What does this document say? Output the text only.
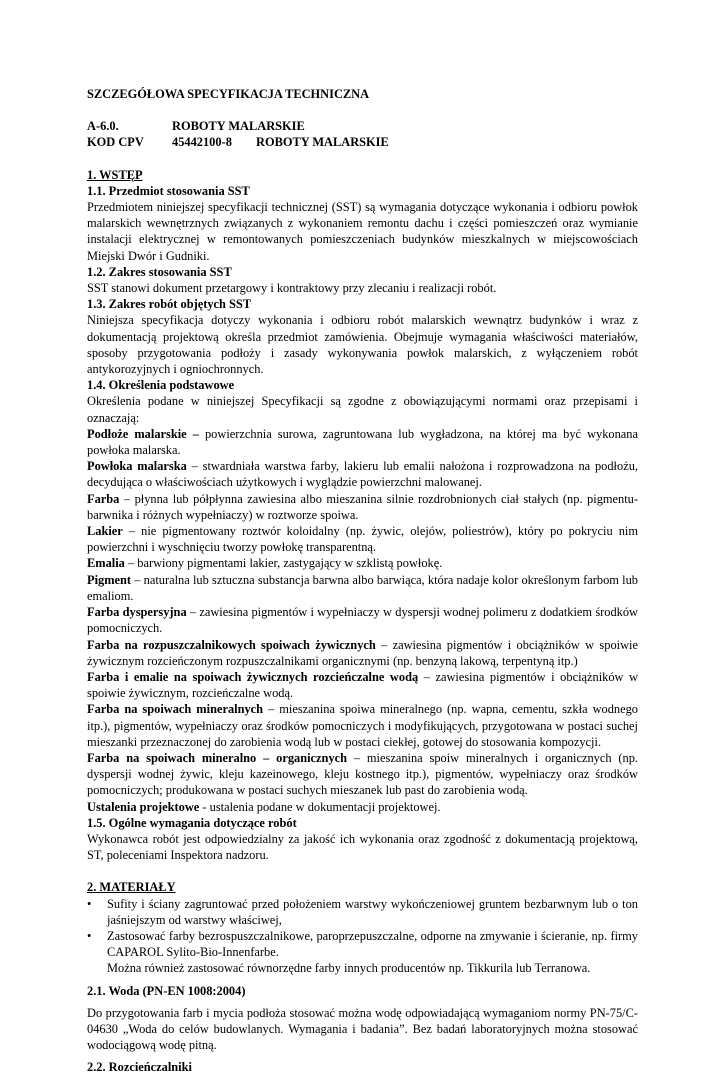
SZCZEGÓŁOWA SPECYFIKACJA TECHNICZNA

A-6.0.	ROBOTY MALARSKIE
KOD CPV	45442100-8	ROBOTY MALARSKIE

1. WSTĘP

1.1. Przedmiot stosowania SST

Przedmiotem niniejszej specyfikacji technicznej (SST) są wymagania dotyczące wykonania i odbioru powłok malarskich wewnętrznych związanych z wykonaniem remontu dachu i części pomieszczeń oraz wymianie instalacji elektrycznej w remontowanych pomieszczeniach budynków mieszkalnych w miejscowościach Miejski Dwór i Gudniki.

1.2. Zakres stosowania SST

SST stanowi dokument przetargowy i kontraktowy przy zlecaniu i realizacji robót.

1.3. Zakres robót objętych SST

Niniejsza specyfikacja dotyczy wykonania i odbioru robót malarskich wewnątrz budynków i wraz z dokumentacją projektową określa przedmiot zamówienia. Obejmuje wymagania właściwości materiałów, sposoby przygotowania podłoży i zasady wykonywania powłok malarskich, z wyłączeniem robót antykorozyjnych i ogniochronnych.

1.4. Określenia podstawowe

Określenia podane w niniejszej Specyfikacji są zgodne z obowiązującymi normami oraz przepisami i oznaczają:

Podłoże malarskie – powierzchnia surowa, zagruntowana lub wygładzona, na której ma być wykonana powłoka malarska.

Powłoka malarska – stwardniała warstwa farby, lakieru lub emalii nałożona i rozprowadzona na podłożu, decydująca o właściwościach użytkowych i wyglądzie powierzchni malowanej.

Farba – płynna lub półpłynna zawiesina albo mieszanina silnie rozdrobnionych ciał stałych (np. pigmentu-barwnika i różnych wypełniaczy) w roztworze spoiwa.

Lakier – nie pigmentowany roztwór koloidalny (np. żywic, olejów, poliestrów), który po pokryciu nim powierzchni i wyschnięciu tworzy powłokę transparentną.

Emalia – barwiony pigmentami lakier, zastygający w szklistą powłokę.

Pigment – naturalna lub sztuczna substancja barwna albo barwiąca, która nadaje kolor określonym farbom lub emaliom.

Farba dyspersyjna – zawiesina pigmentów i wypełniaczy w dyspersji wodnej polimeru z dodatkiem środków pomocniczych.

Farba na rozpuszczalnikowych spoiwach żywicznych – zawiesina pigmentów i obciążników w spoiwie żywicznym rozcieńczonym rozpuszczalnikami organicznymi (np. benzyną lakową, terpentyną itp.)

Farba i emalie na spoiwach żywicznych rozcieńczalne wodą – zawiesina pigmentów i obciążników w spoiwie żywicznym, rozcieńczalne wodą.

Farba na spoiwach mineralnych – mieszanina spoiwa mineralnego (np. wapna, cementu, szkła wodnego itp.), pigmentów, wypełniaczy oraz środków pomocniczych i modyfikujących, przygotowana w postaci suchej mieszanki przeznaczonej do zarobienia wodą lub w postaci ciekłej, gotowej do stosowania kompozycji.

Farba na spoiwach mineralno – organicznych – mieszanina spoiw mineralnych i organicznych (np. dyspersji wodnej żywic, kleju kazeinowego, kleju kostnego itp.), pigmentów, wypełniaczy oraz środków pomocniczych; produkowana w postaci suchych mieszanek lub past do zarobienia wodą.

Ustalenia projektowe - ustalenia podane w dokumentacji projektowej.

1.5. Ogólne wymagania dotyczące robót

Wykonawca robót jest odpowiedzialny za jakość ich wykonania oraz zgodność z dokumentacją projektową, ST, poleceniami Inspektora nadzoru.

2. MATERIAŁY

• Sufity i ściany zagruntować przed położeniem warstwy wykończeniowej gruntem bezbarwnym lub o ton jaśniejszym od warstwy właściwej,
• Zastosować farby bezrospuszczalnikowe, paroprzepuszczalne, odporne na zmywanie i ścieranie, np. firmy CAPAROL Sylito-Bio-Innenfarbe.

Można również zastosować równorzędne farby innych producentów np. Tikkurila lub Terranowa.

2.1. Woda (PN-EN 1008:2004)

Do przygotowania farb i mycia podłoża stosować można wodę odpowiadającą wymaganiom normy PN-75/C-04630 „Woda do celów budowlanych. Wymagania i badania”. Bez badań laboratoryjnych można stosować wodociągową wodę pitną.

2.2. Rozcieńczalniki
